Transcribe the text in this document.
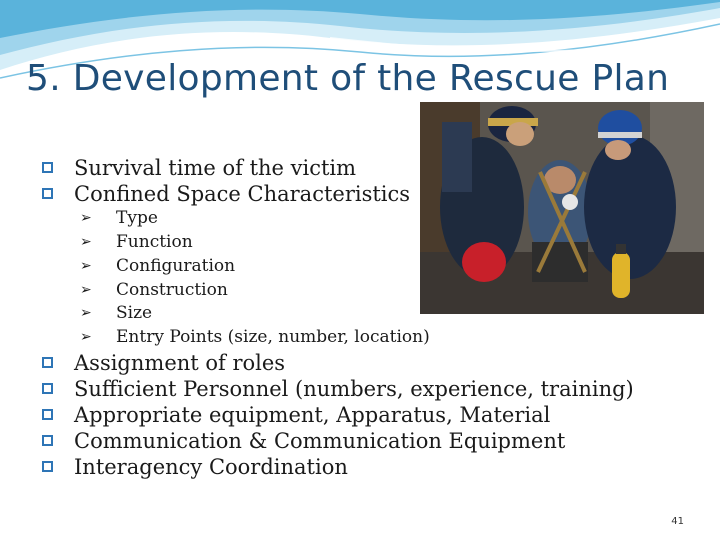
5. Development of the Rescue Plan
Survival time of the victim
Confined Space Characteristics
➢	Type
➢	Function
➢	Configuration
➢	Construction
➢	Size
➢	Entry Points (size, number, location)
Assignment of roles
Sufficient Personnel (numbers, experience, training)
Appropriate equipment, Apparatus, Material
Communication & Communication Equipment
Interagency Coordination
41
